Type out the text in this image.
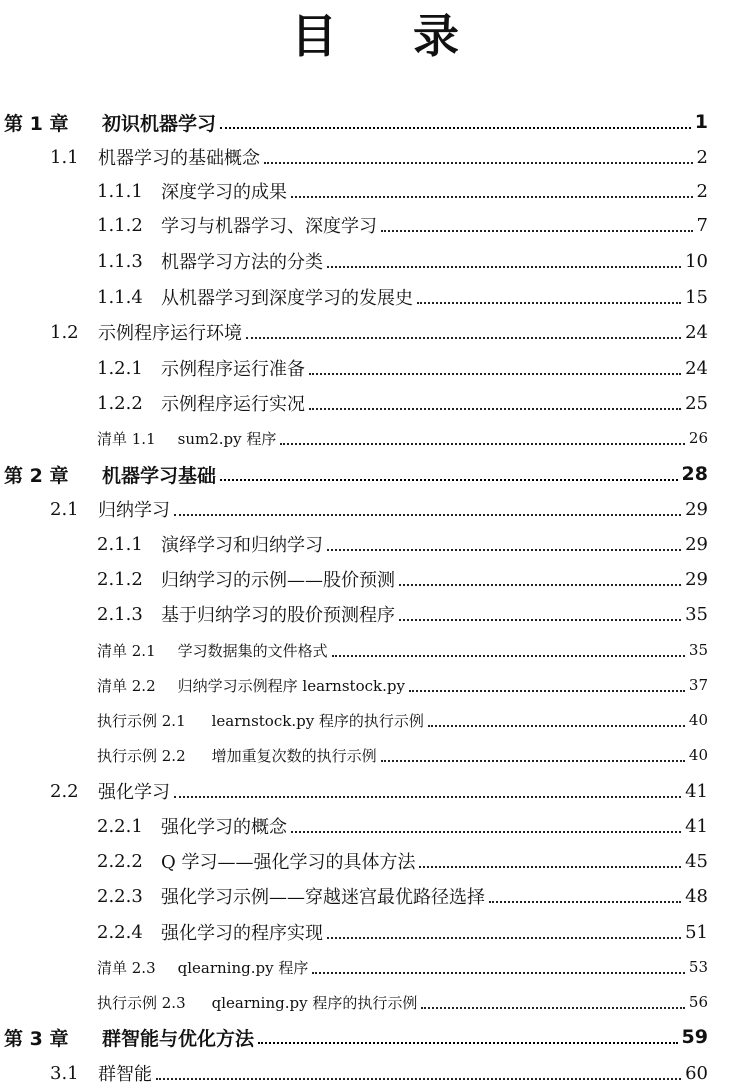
目 录
第 1 章	初识机器学习	1
1.1	机器学习的基础概念	2
1.1.1	深度学习的成果	2
1.1.2	学习与机器学习、深度学习	7
1.1.3	机器学习方法的分类	10
1.1.4	从机器学习到深度学习的发展史	15
1.2	示例程序运行环境	24
1.2.1	示例程序运行准备	24
1.2.2	示例程序运行实况	25
清单 1.1	sum2.py 程序	26
第 2 章	机器学习基础	28
2.1	归纳学习	29
2.1.1	演绎学习和归纳学习	29
2.1.2	归纳学习的示例——股价预测	29
2.1.3	基于归纳学习的股价预测程序	35
清单 2.1	学习数据集的文件格式	35
清单 2.2	归纳学习示例程序 learnstock.py	37
执行示例 2.1	learnstock.py 程序的执行示例	40
执行示例 2.2	增加重复次数的执行示例	40
2.2	强化学习	41
2.2.1	强化学习的概念	41
2.2.2	Q 学习——强化学习的具体方法	45
2.2.3	强化学习示例——穿越迷宫最优路径选择	48
2.2.4	强化学习的程序实现	51
清单 2.3	qlearning.py 程序	53
执行示例 2.3	qlearning.py 程序的执行示例	56
第 3 章	群智能与优化方法	59
3.1	群智能	60
